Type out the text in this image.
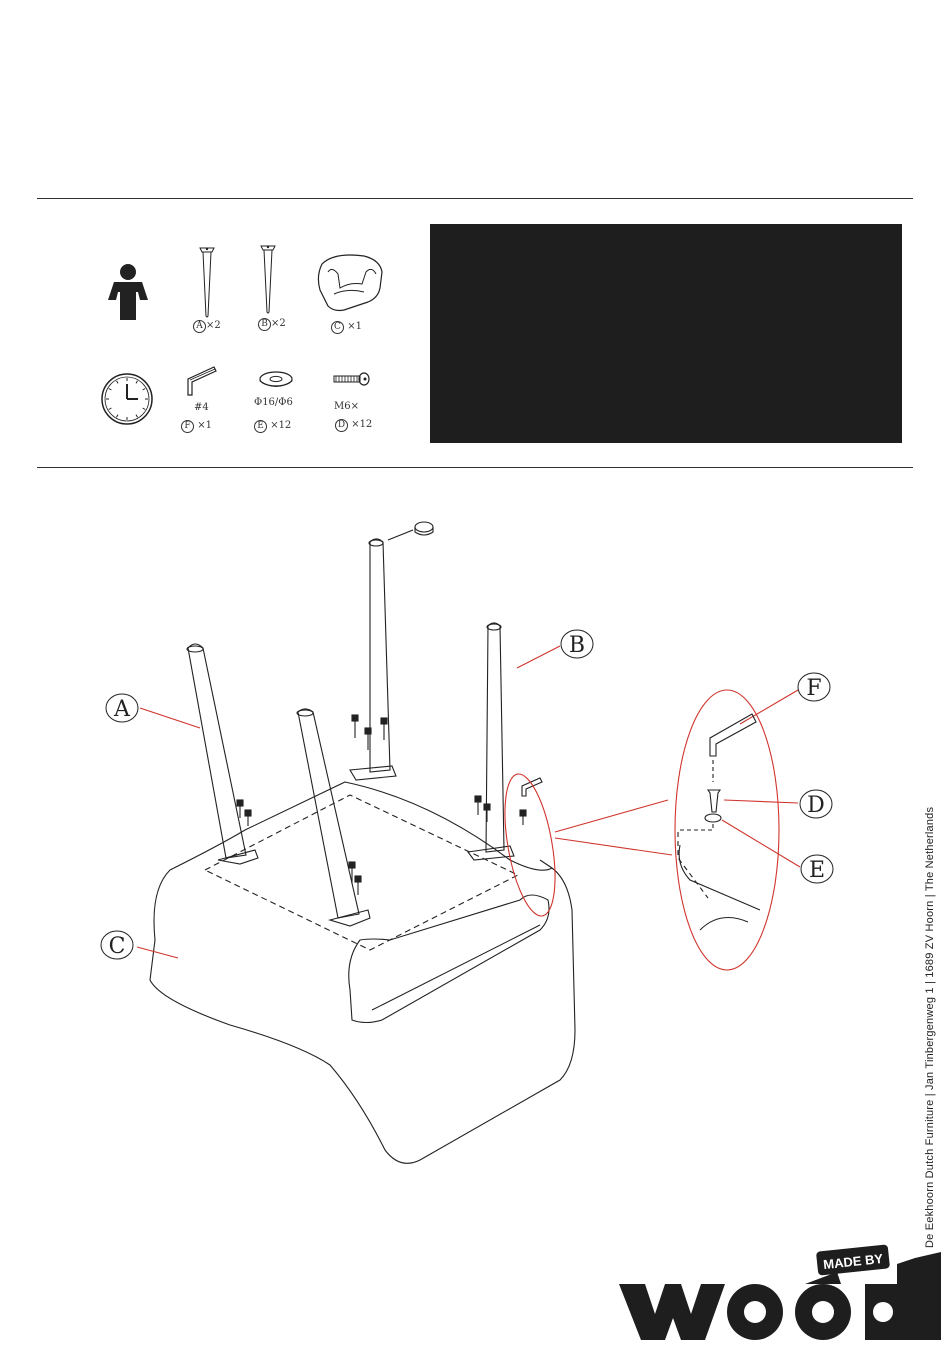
A ×2	B ×2	C ×1
#4
F ×1
Φ16/Φ6
E ×12
M6×
D ×12
A
B
C
F
D
E	De Eekhoorn Dutch Furniture | Jan Tinbergenweg 1 | 1689 ZV Hoorn | The Netherlands
MADE BY
